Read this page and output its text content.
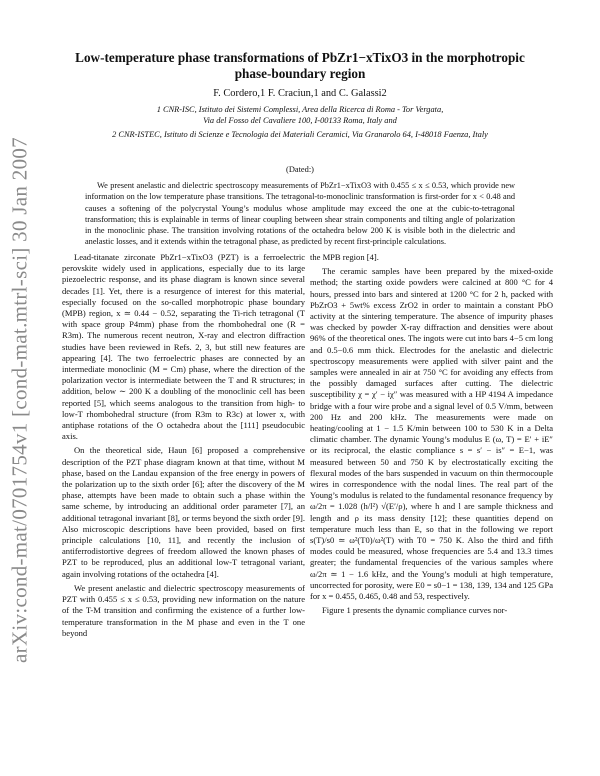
arXiv:cond-mat/0701754v1 [cond-mat.mtrl-sci] 30 Jan 2007
Low-temperature phase transformations of PbZr1−xTixO3 in the morphotropic
phase-boundary region
F. Cordero,1 F. Craciun,1 and C. Galassi2
1 CNR-ISC, Istituto dei Sistemi Complessi, Area della Ricerca di Roma - Tor Vergata,
Via del Fosso del Cavaliere 100, I-00133 Roma, Italy and
2 CNR-ISTEC, Istituto di Scienze e Tecnologia dei Materiali Ceramici, Via Granarolo 64, I-48018 Faenza, Italy
(Dated:)

We present anelastic and dielectric spectroscopy measurements of PbZr1−xTixO3 with 0.455 ≤ x ≤ 0.53, which provide new information on the low temperature phase transitions. The tetragonal-to-monoclinic transformation is first-order for x < 0.48 and causes a softening of the polycrystal Young’s modulus whose amplitude may exceed the one at the cubic-to-tetragonal transformation; this is explainable in terms of linear coupling between shear strain components and tilting angle of polarization in the monoclinic phase. The transition involving rotations of the octahedra below 200 K is visible both in the dielectric and anelastic losses, and it extends within the tetragonal phase, as predicted by recent first-principle calculations.

Lead-titanate zirconate PbZr1−xTixO3 (PZT) is a ferroelectric perovskite widely used in applications, especially due to its large piezoelectric response, and its phase diagram is known since several decades [1]. Yet, there is a resurgence of interest for this material, especially focused on the so-called morphotropic phase boundary (MPB) region, x ≃ 0.44 − 0.52, separating the Ti-rich tetragonal (T with space group P4mm) phase from the rhombohedral one (R = R3m). The numerous recent neutron, X-ray and electron diffraction studies have been reviewed in Refs. 2, 3, but still new features are appearing [4]. The two ferroelectric phases are connected by an intermediate monoclinic (M = Cm) phase, where the direction of the polarization vector is intermediate between the T and R structures; in addition, below ∼ 200 K a doubling of the monoclinic cell has been reported [5], which seems analogous to the transition from high- to low-T rhombohedral structure (from R3m to R3c) at lower x, with antiphase rotations of the O octahedra about the [111] pseudocubic axis.

On the theoretical side, Haun [6] proposed a comprehensive description of the PZT phase diagram known at that time, without M phase, based on the Landau expansion of the free energy in powers of the polarization up to the sixth order [6]; after the discovery of the M phase, attempts have been made to obtain such a phase within the same scheme, by introducing an additional order parameter [7], an additional tetragonal invariant [8], or terms beyond the sixth order [9]. Also microscopic descriptions have been provided, based on first principle calculations [10, 11], and recently the inclusion of antiferrodistortive degrees of freedom allowed the known phases of PZT to be reproduced, plus an additional low-T tetragonal variant, again involving rotations of the octahedra [4].

We present anelastic and dielectric spectroscopy measurements of PZT with 0.455 ≤ x ≤ 0.53, providing new information on the nature of the T-M transition and confirming the existence of a further low-temperature transformation in the M phase and even in the T one beyond

the MPB region [4].

The ceramic samples have been prepared by the mixed-oxide method; the starting oxide powders were calcined at 800 °C for 4 hours, pressed into bars and sintered at 1200 °C for 2 h, packed with PbZrO3 + 5wt% excess ZrO2 in order to maintain a constant PbO activity at the sintering temperature. The absence of impurity phases was checked by powder X-ray diffraction and densities were about 96% of the theoretical ones. The ingots were cut into bars 4−5 cm long and 0.5−0.6 mm thick. Electrodes for the anelastic and dielectric spectroscopy measurements were applied with silver paint and the samples were annealed in air at 750 °C for avoiding any effects from the possibly damaged surfaces after cutting. The dielectric susceptibility χ = χ′ − iχ″ was measured with a HP 4194 A impedance bridge with a four wire probe and a signal level of 0.5 V/mm, between 200 Hz and 200 kHz. The measurements were made on heating/cooling at 1 − 1.5 K/min between 100 to 530 K in a Delta climatic chamber. The dynamic Young’s modulus E (ω, T) = E′ + iE″ or its reciprocal, the elastic compliance s = s′ − is″ = E−1, was measured between 50 and 750 K by electrostatically exciting the flexural modes of the bars suspended in vacuum on thin thermocouple wires in correspondence with the nodal lines. The real part of the Young’s modulus is related to the fundamental resonance frequency by ω/2π = 1.028 (h/l²) √(E′/ρ), where h and l are sample thickness and length and ρ its mass density [12]; these quantities depend on temperature much less than E, so that in the following we report s(T)/s0 ≃ ω²(T0)/ω²(T) with T0 = 750 K. Also the third and fifth modes could be measured, whose frequencies are 5.4 and 13.3 times greater; the fundamental frequencies of the various samples where ω/2π ≃ 1 − 1.6 kHz, and the Young’s moduli at high temperature, uncorrected for porosity, were E0 = s0−1 = 138, 139, 134 and 125 GPa for x = 0.455, 0.465, 0.48 and 53, respectively.

Figure 1 presents the dynamic compliance curves nor-
